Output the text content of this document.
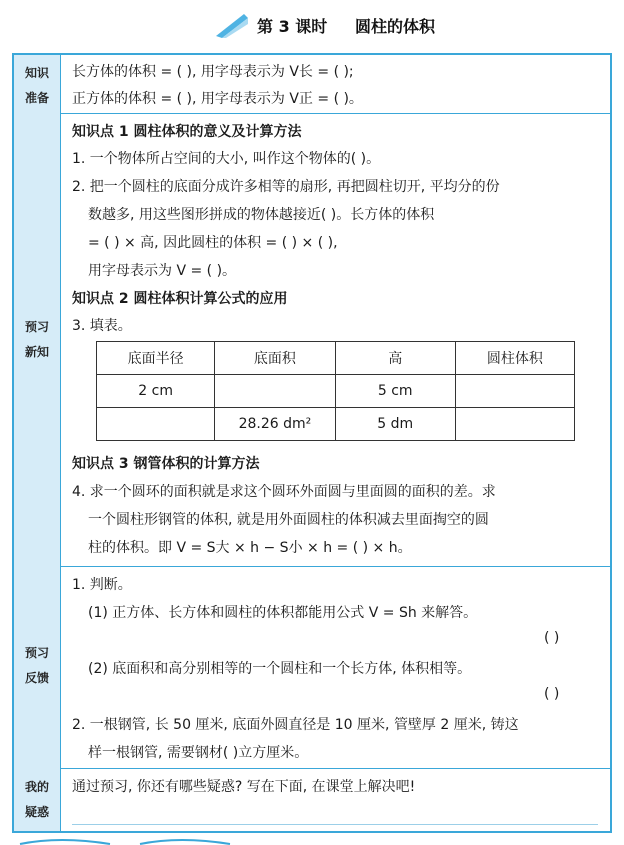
第 3 课时 圆柱的体积
知识
准备
长方体的体积 = ( ), 用字母表示为 V长 = ( );
正方体的体积 = ( ), 用字母表示为 V正 = ( )。
预习
新知
知识点 1 圆柱体积的意义及计算方法
1. 一个物体所占空间的大小, 叫作这个物体的( )。
2. 把一个圆柱的底面分成许多相等的扇形, 再把圆柱切开, 平均分的份
数越多, 用这些图形拼成的物体越接近( )。长方体的体积
= ( ) × 高, 因此圆柱的体积 = ( ) × ( ),
用字母表示为 V = ( )。
知识点 2 圆柱体积计算公式的应用
3. 填表。
底面半径	底面积	高	圆柱体积
2 cm		5 cm	
	28.26 dm²	5 dm	
知识点 3 钢管体积的计算方法
4. 求一个圆环的面积就是求这个圆环外面圆与里面圆的面积的差。求
一个圆柱形钢管的体积, 就是用外面圆柱的体积减去里面掏空的圆
柱的体积。即 V = S大 × h − S小 × h = ( ) × h。
预习
反馈
1. 判断。
(1) 正方体、长方体和圆柱的体积都能用公式 V = Sh 来解答。
( )
(2) 底面积和高分别相等的一个圆柱和一个长方体, 体积相等。
( )
2. 一根钢管, 长 50 厘米, 底面外圆直径是 10 厘米, 管壁厚 2 厘米, 铸这
样一根钢管, 需要钢材( )立方厘米。
我的
疑惑
通过预习, 你还有哪些疑惑? 写在下面, 在课堂上解决吧!
